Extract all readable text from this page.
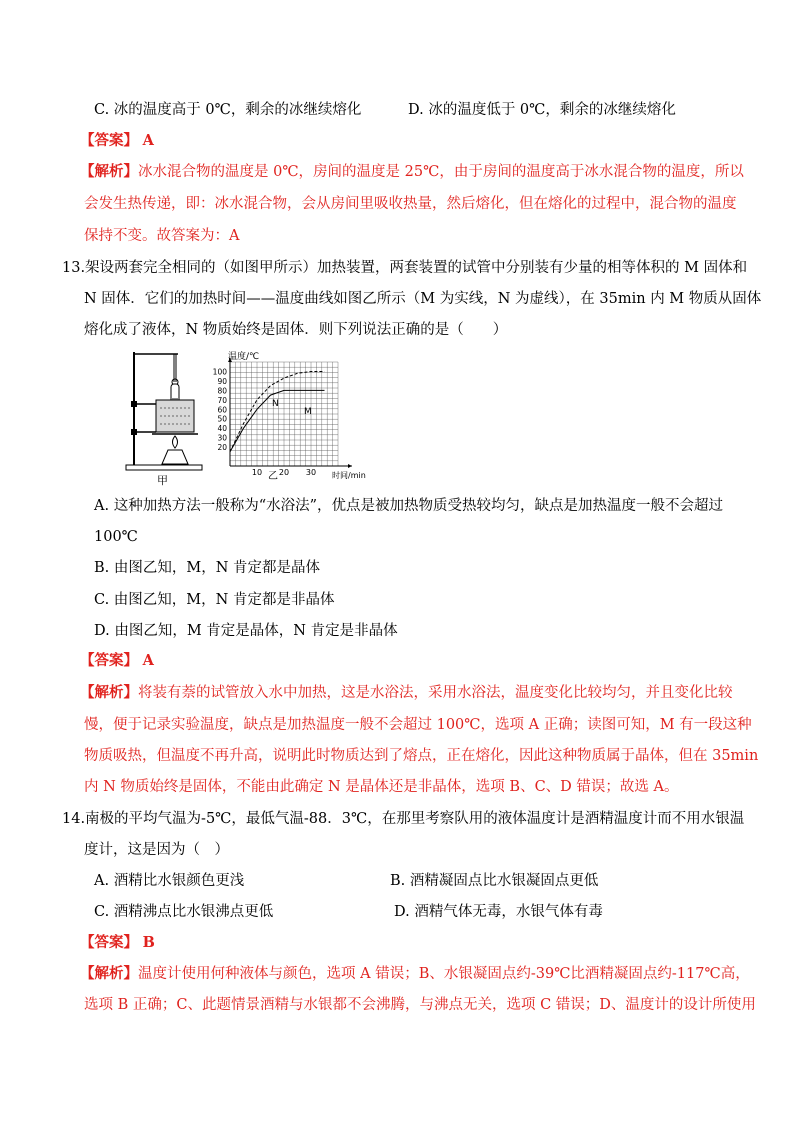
C. 冰的温度高于 0℃，剩余的冰继续熔化	D. 冰的温度低于 0℃，剩余的冰继续熔化
【答案】 A
【解析】冰水混合物的温度是 0℃，房间的温度是 25℃，由于房间的温度高于冰水混合物的温度，所以
会发生热传递，即：冰水混合物，会从房间里吸收热量，然后熔化，但在熔化的过程中，混合物的温度
保持不变。故答案为：A
13.架设两套完全相同的（如图甲所示）加热装置，两套装置的试管中分别装有少量的相等体积的 M 固体和
N 固体．它们的加热时间——温度曲线如图乙所示（M 为实线，N 为虚线），在 35min 内 M 物质从固体
熔化成了液体，N 物质始终是固体．则下列说法正确的是（　　）
甲
20
30
40
50
60
70
80
90
100
10 20 30
温度/℃
时间/min
乙
N
M
A. 这种加热方法一般称为“水浴法”，优点是被加热物质受热较均匀，缺点是加热温度一般不会超过
100℃
B. 由图乙知，M，N 肯定都是晶体
C. 由图乙知，M，N 肯定都是非晶体
D. 由图乙知，M 肯定是晶体，N 肯定是非晶体
【答案】 A
【解析】将装有萘的试管放入水中加热，这是水浴法，采用水浴法，温度变化比较均匀，并且变化比较
慢，便于记录实验温度，缺点是加热温度一般不会超过 100℃，选项 A 正确；读图可知，M 有一段这种
物质吸热，但温度不再升高，说明此时物质达到了熔点，正在熔化，因此这种物质属于晶体，但在 35min
内 N 物质始终是固体，不能由此确定 N 是晶体还是非晶体，选项 B、C、D 错误；故选 A。
14.南极的平均气温为-5℃，最低气温-88．3℃，在那里考察队用的液体温度计是酒精温度计而不用水银温
度计，这是因为（　）
A. 酒精比水银颜色更浅	B. 酒精凝固点比水银凝固点更低
C. 酒精沸点比水银沸点更低	D. 酒精气体无毒，水银气体有毒
【答案】 B
【解析】温度计使用何种液体与颜色，选项 A 错误；B、水银凝固点约-39℃比酒精凝固点约-117℃高，
选项 B 正确；C、此题情景酒精与水银都不会沸腾，与沸点无关，选项 C 错误；D、温度计的设计所使用
